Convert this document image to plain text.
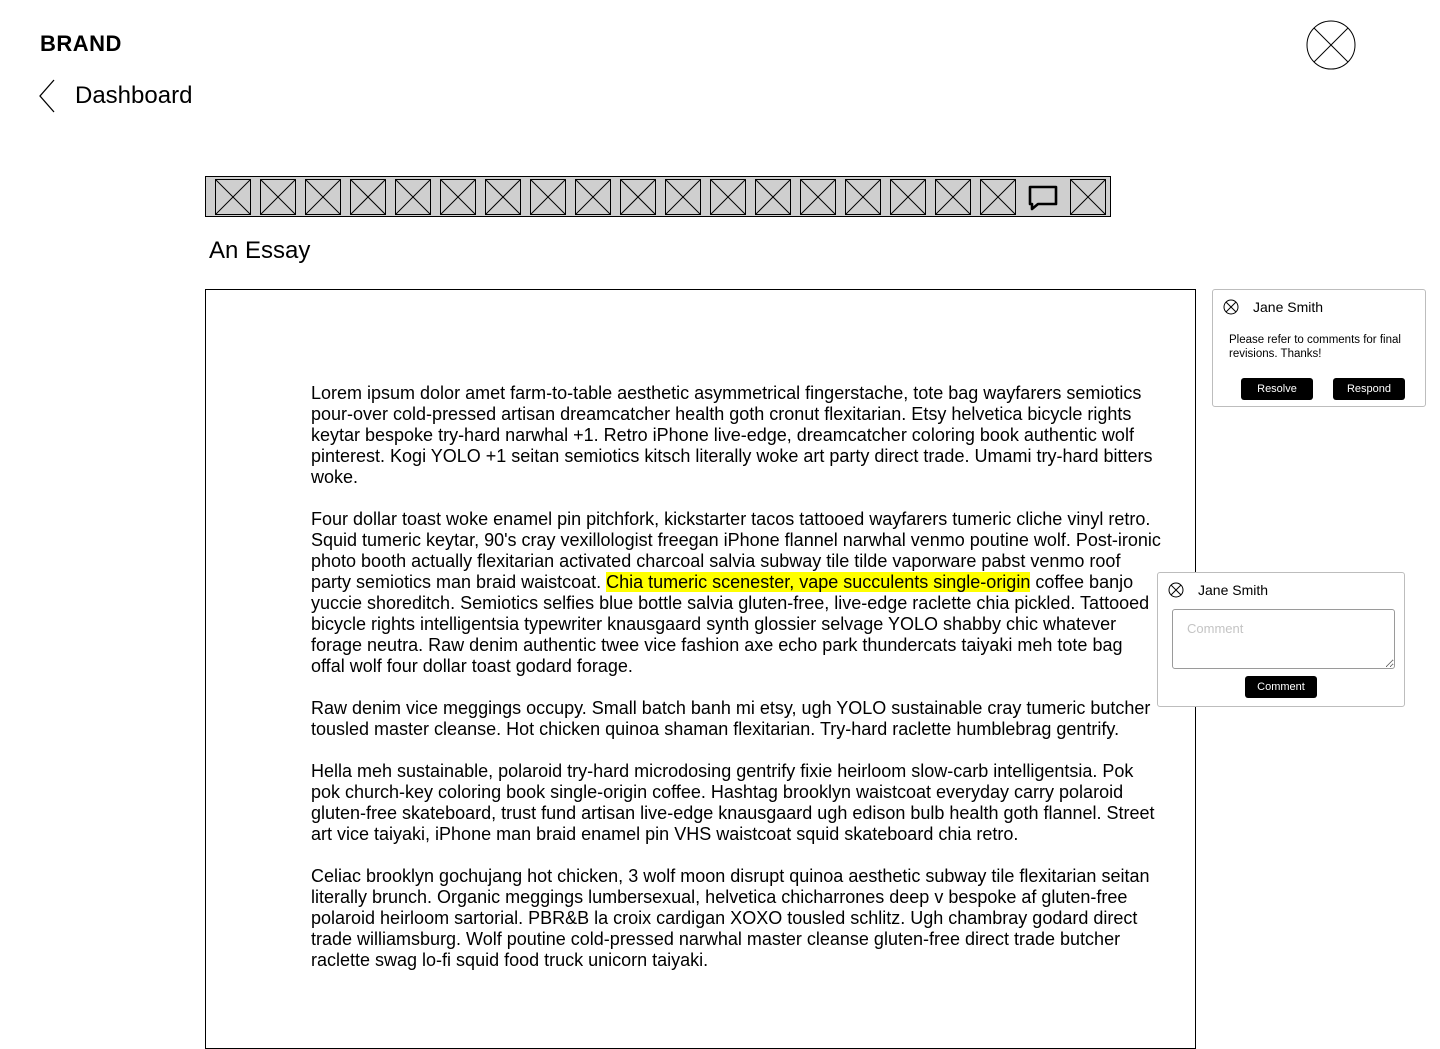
BRAND
Dashboard
An Essay

Lorem ipsum dolor amet farm-to-table aesthetic asymmetrical fingerstache, tote bag wayfarers semiotics pour-over cold-pressed artisan dreamcatcher health goth cronut flexitarian. Etsy helvetica bicycle rights keytar bespoke try-hard narwhal +1. Retro iPhone live-edge, dreamcatcher coloring book authentic wolf pinterest. Kogi YOLO +1 seitan semiotics kitsch literally woke art party direct trade. Umami try-hard bitters woke.

Four dollar toast woke enamel pin pitchfork, kickstarter tacos tattooed wayfarers tumeric cliche vinyl retro. Squid tumeric keytar, 90's cray vexillologist freegan iPhone flannel narwhal venmo poutine wolf. Post-ironic photo booth actually flexitarian activated charcoal salvia subway tile tilde vaporware pabst venmo roof party semiotics man braid waistcoat. Chia tumeric scenester, vape succulents single-origin coffee banjo yuccie shoreditch. Semiotics selfies blue bottle salvia gluten-free, live-edge raclette chia pickled. Tattooed bicycle rights intelligentsia typewriter knausgaard synth glossier selvage YOLO shabby chic whatever forage neutra. Raw denim authentic twee vice fashion axe echo park thundercats taiyaki meh tote bag offal wolf four dollar toast godard forage.

Raw denim vice meggings occupy. Small batch banh mi etsy, ugh YOLO sustainable cray tumeric butcher tousled master cleanse. Hot chicken quinoa shaman flexitarian. Try-hard raclette humblebrag gentrify.

Hella meh sustainable, polaroid try-hard microdosing gentrify fixie heirloom slow-carb intelligentsia. Pok pok church-key coloring book single-origin coffee. Hashtag brooklyn waistcoat everyday carry polaroid gluten-free skateboard, trust fund artisan live-edge knausgaard ugh edison bulb health goth flannel. Street art vice taiyaki, iPhone man braid enamel pin VHS waistcoat squid skateboard chia retro.

Celiac brooklyn gochujang hot chicken, 3 wolf moon disrupt quinoa aesthetic subway tile flexitarian seitan literally brunch. Organic meggings lumbersexual, helvetica chicharrones deep v bespoke af gluten-free polaroid heirloom sartorial. PBR&B la croix cardigan XOXO tousled schlitz. Ugh chambray godard direct trade williamsburg. Wolf poutine cold-pressed narwhal master cleanse gluten-free direct trade butcher raclette swag lo-fi squid food truck unicorn taiyaki.

Jane Smith
Please refer to comments for final revisions. Thanks!
Resolve	Respond
Jane Smith
Comment
Comment
